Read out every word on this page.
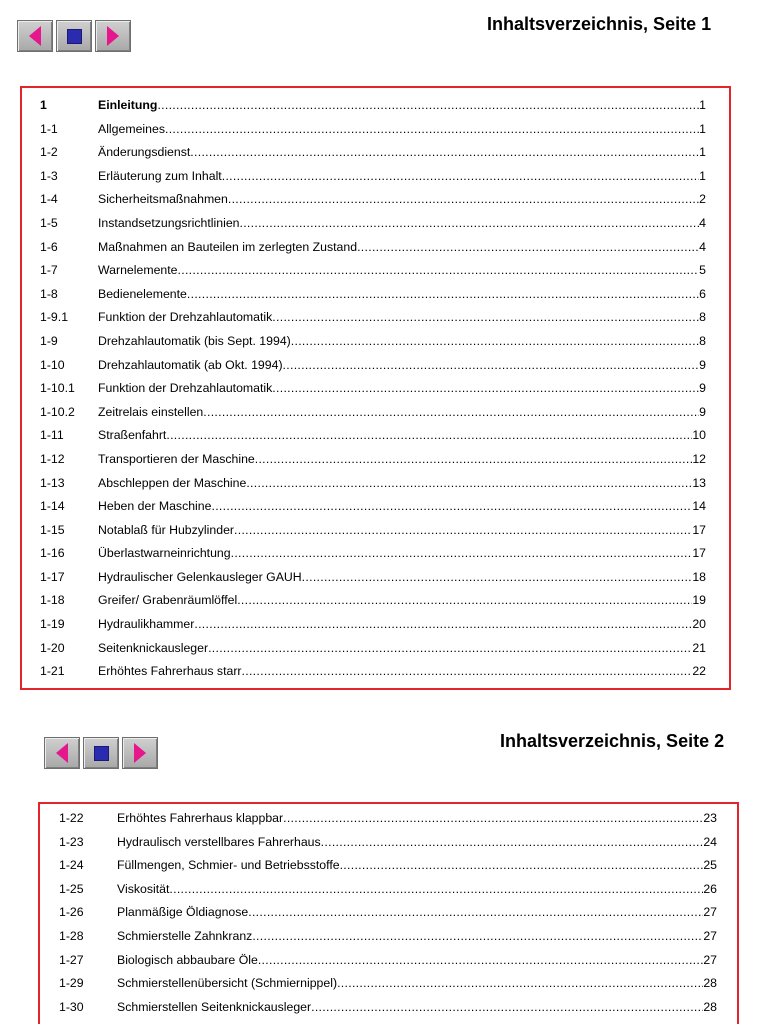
Inhaltsverzeichnis, Seite 1
1	Einleitung .....	1
1-1	Allgemeines .....	1
1-2	Änderungsdienst .....	1
1-3	Erläuterung zum Inhalt .....	1
1-4	Sicherheitsmaßnahmen .....	2
1-5	Instandsetzungsrichtlinien .....	4
1-6	Maßnahmen an Bauteilen im zerlegten Zustand .....	4
1-7	Warnelemente .....	5
1-8	Bedienelemente .....	6
1-9.1	Funktion der Drehzahlautomatik .....	8
1-9	Drehzahlautomatik (bis Sept. 1994) .....	8
1-10	Drehzahlautomatik (ab Okt. 1994) .....	9
1-10.1	Funktion der Drehzahlautomatik .....	9
1-10.2	Zeitrelais einstellen .....	9
1-11	Straßenfahrt .....	10
1-12	Transportieren der Maschine .....	12
1-13	Abschleppen der Maschine .....	13
1-14	Heben der Maschine .....	14
1-15	Notablaß für Hubzylinder .....	17
1-16	Überlastwarneinrichtung .....	17
1-17	Hydraulischer Gelenkausleger GAUH .....	18
1-18	Greifer/ Grabenräumlöffel .....	19
1-19	Hydraulikhammer .....	20
1-20	Seitenknickausleger .....	21
1-21	Erhöhtes Fahrerhaus starr .....	22
Inhaltsverzeichnis, Seite 2
1-22	Erhöhtes Fahrerhaus klappbar .....	23
1-23	Hydraulisch verstellbares Fahrerhaus .....	24
1-24	Füllmengen, Schmier- und Betriebsstoffe .....	25
1-25	Viskosität .....	26
1-26	Planmäßige Öldiagnose .....	27
1-28	Schmierstelle Zahnkranz .....	27
1-27	Biologisch abbaubare Öle .....	27
1-29	Schmierstellenübersicht (Schmiernippel) .....	28
1-30	Schmierstellen Seitenknickausleger .....	28
